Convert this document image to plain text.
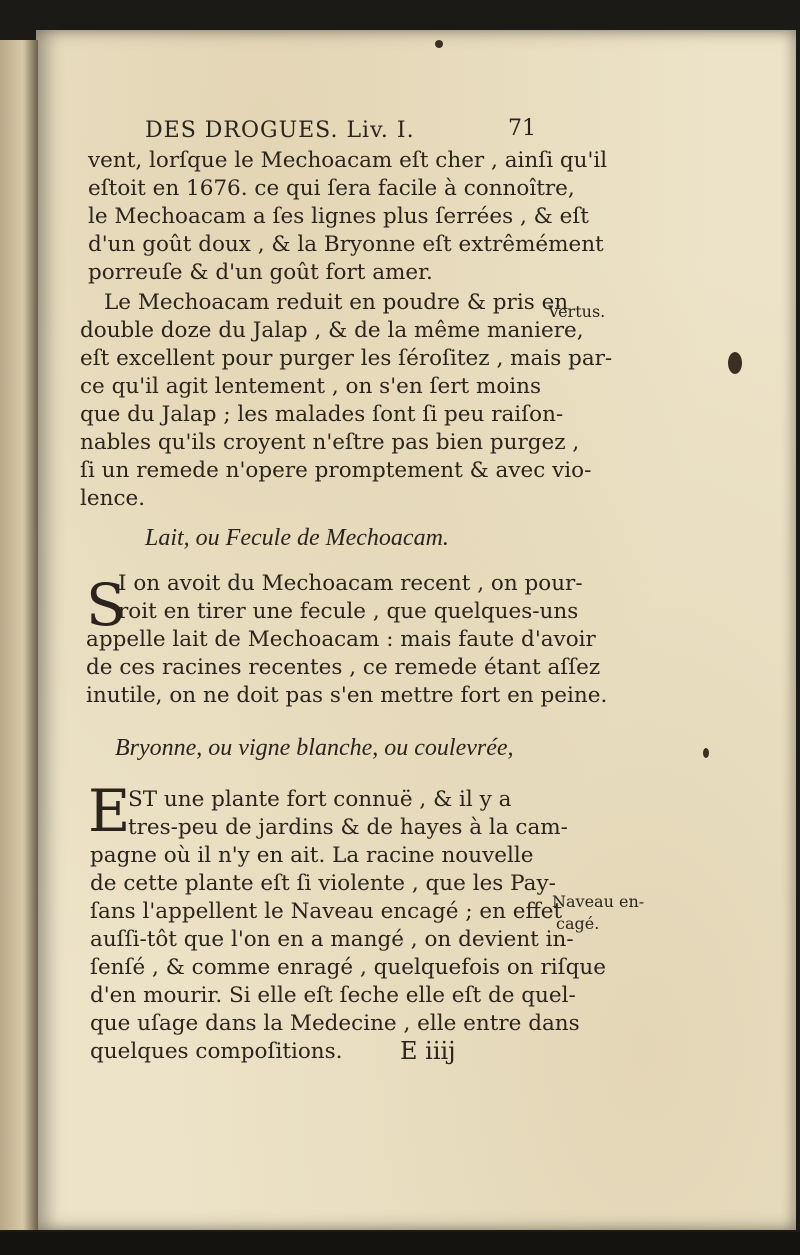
DES DROGUES. Liv. I.	71
vent, lorſque le Mechoacam eſt cher , ainſi qu'il
eſtoit en 1676. ce qui ſera facile à connoître,
le Mechoacam a ſes lignes plus ſerrées , & eſt
d'un goût doux , & la Bryonne eſt extrêmément
porreuſe & d'un goût fort amer.
Le Mechoacam reduit en poudre & pris en
double doze du Jalap , & de la même maniere,
eſt excellent pour purger les ſéroſitez , mais par-
ce qu'il agit lentement , on s'en ſert moins
que du Jalap ; les malades ſont ſi peu raiſon-
nables qu'ils croyent n'eſtre pas bien purgez ,
ſi un remede n'opere promptement & avec vio-
lence.
Vertus.
Lait, ou Fecule de Mechoacam.
S
I on avoit du Mechoacam recent , on pour-
roit en tirer une fecule , que quelques-uns
appelle lait de Mechoacam : mais faute d'avoir
de ces racines recentes , ce remede étant aſſez
inutile, on ne doit pas s'en mettre fort en peine.
Bryonne, ou vigne blanche, ou coulevrée,
E
ST une plante fort connuë , & il y a
tres-peu de jardins & de hayes à la cam-
pagne où il n'y en ait. La racine nouvelle
de cette plante eſt ſi violente , que les Pay-
ſans l'appellent le Naveau encagé ; en effet
auſſi-tôt que l'on en a mangé , on devient in-
ſenſé , & comme enragé , quelquefois on riſque
d'en mourir. Si elle eſt ſeche elle eſt de quel-
que uſage dans la Medecine , elle entre dans
quelques compoſitions.
Naveau en-
cagé.
E iiij
